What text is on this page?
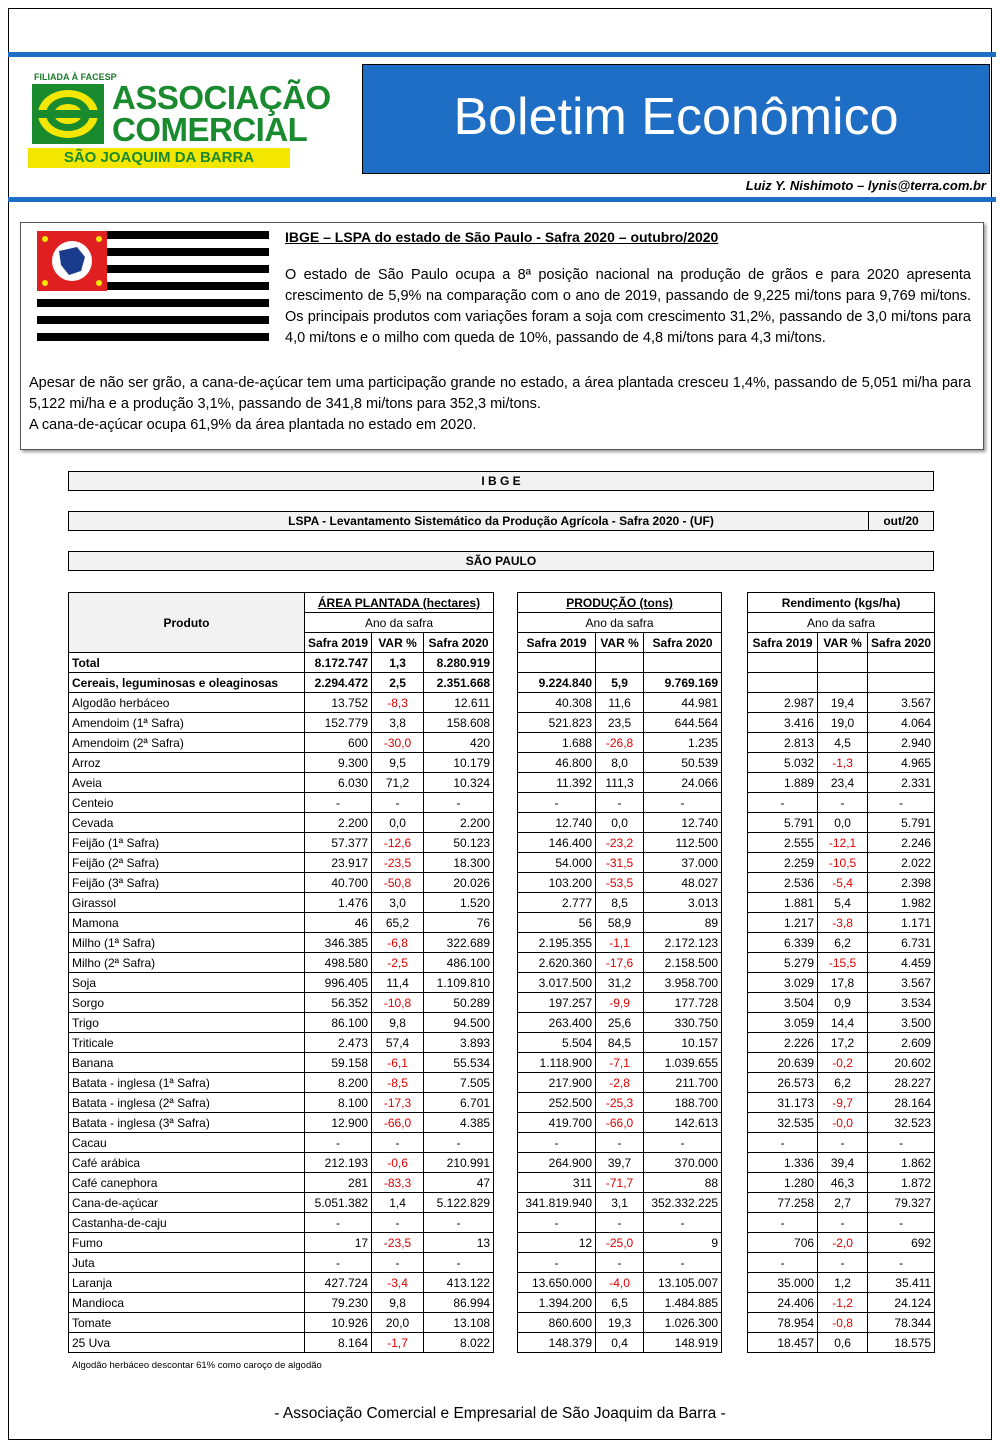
FILIADA À FACESP
ASSOCIAÇÃO
COMERCIAL
SÃO JOAQUIM DA BARRA
Boletim Econômico
Luiz Y. Nishimoto – lynis@terra.com.br
IBGE – LSPA do estado de São Paulo - Safra 2020 – outubro/2020
O estado de São Paulo ocupa a 8ª posição nacional na produção de grãos e para 2020 apresenta crescimento de 5,9% na comparação com o ano de 2019, passando de 9,225 mi/tons para 9,769 mi/tons. Os principais produtos com variações foram a soja com crescimento 31,2%, passando de 3,0 mi/tons para 4,0 mi/tons e o milho com queda de 10%, passando de 4,8 mi/tons para 4,3 mi/tons.
Apesar de não ser grão, a cana-de-açúcar tem uma participação grande no estado, a área plantada cresceu 1,4%, passando de 5,051 mi/ha para 5,122 mi/ha e a produção 3,1%, passando de 341,8 mi/tons para 352,3 mi/tons.
A cana-de-açúcar ocupa 61,9% da área plantada no estado em 2020.
I B G E
LSPA - Levantamento Sistemático da Produção Agrícola - Safra 2020 - (UF)	out/20
SÃO PAULO
Produto	ÁREA PLANTADA (hectares)				PRODUÇÃO (tons)				Rendimento (kgs/ha)		
	Ano da safra				Ano da safra				Ano da safra		
	Safra 2019	VAR %	Safra 2020		Safra 2019	VAR %	Safra 2020		Safra 2019	VAR %	Safra 2020
Total	8.172.747	1,3	8.280.919								
Cereais, leguminosas e oleaginosas	2.294.472	2,5	2.351.668		9.224.840	5,9	9.769.169				
Algodão herbáceo	13.752	-8,3	12.611		40.308	11,6	44.981		2.987	19,4	3.567
Amendoim (1ª Safra)	152.779	3,8	158.608		521.823	23,5	644.564		3.416	19,0	4.064
Amendoim (2ª Safra)	600	-30,0	420		1.688	-26,8	1.235		2.813	4,5	2.940
Arroz	9.300	9,5	10.179		46.800	8,0	50.539		5.032	-1,3	4.965
Aveia	6.030	71,2	10.324		11.392	111,3	24.066		1.889	23,4	2.331
Centeio	-	-	-		-	-	-		-	-	-
Cevada	2.200	0,0	2.200		12.740	0,0	12.740		5.791	0,0	5.791
Feijão (1ª Safra)	57.377	-12,6	50.123		146.400	-23,2	112.500		2.555	-12,1	2.246
Feijão (2ª Safra)	23.917	-23,5	18.300		54.000	-31,5	37.000		2.259	-10,5	2.022
Feijão (3ª Safra)	40.700	-50,8	20.026		103.200	-53,5	48.027		2.536	-5,4	2.398
Girassol	1.476	3,0	1.520		2.777	8,5	3.013		1.881	5,4	1.982
Mamona	46	65,2	76		56	58,9	89		1.217	-3,8	1.171
Milho (1ª Safra)	346.385	-6,8	322.689		2.195.355	-1,1	2.172.123		6.339	6,2	6.731
Milho (2ª Safra)	498.580	-2,5	486.100		2.620.360	-17,6	2.158.500		5.279	-15,5	4.459
Soja	996.405	11,4	1.109.810		3.017.500	31,2	3.958.700		3.029	17,8	3.567
Sorgo	56.352	-10,8	50.289		197.257	-9,9	177.728		3.504	0,9	3.534
Trigo	86.100	9,8	94.500		263.400	25,6	330.750		3.059	14,4	3.500
Triticale	2.473	57,4	3.893		5.504	84,5	10.157		2.226	17,2	2.609
Banana	59.158	-6,1	55.534		1.118.900	-7,1	1.039.655		20.639	-0,2	20.602
Batata - inglesa (1ª Safra)	8.200	-8,5	7.505		217.900	-2,8	211.700		26.573	6,2	28.227
Batata - inglesa (2ª Safra)	8.100	-17,3	6.701		252.500	-25,3	188.700		31.173	-9,7	28.164
Batata - inglesa (3ª Safra)	12.900	-66,0	4.385		419.700	-66,0	142.613		32.535	-0,0	32.523
Cacau	-	-	-		-	-	-		-	-	-
Café arábica	212.193	-0,6	210.991		264.900	39,7	370.000		1.336	39,4	1.862
Café canephora	281	-83,3	47		311	-71,7	88		1.280	46,3	1.872
Cana-de-açúcar	5.051.382	1,4	5.122.829		341.819.940	3,1	352.332.225		77.258	2,7	79.327
Castanha-de-caju	-	-	-		-	-	-		-	-	-
Fumo	17	-23,5	13		12	-25,0	9		706	-2,0	692
Juta	-	-	-		-	-	-		-	-	-
Laranja	427.724	-3,4	413.122		13.650.000	-4,0	13.105.007		35.000	1,2	35.411
Mandioca	79.230	9,8	86.994		1.394.200	6,5	1.484.885		24.406	-1,2	24.124
Tomate	10.926	20,0	13.108		860.600	19,3	1.026.300		78.954	-0,8	78.344
25 Uva	8.164	-1,7	8.022		148.379	0,4	148.919		18.457	0,6	18.575
Algodão herbáceo descontar 61% como caroço de algodão
- Associação Comercial e Empresarial de São Joaquim da Barra -
